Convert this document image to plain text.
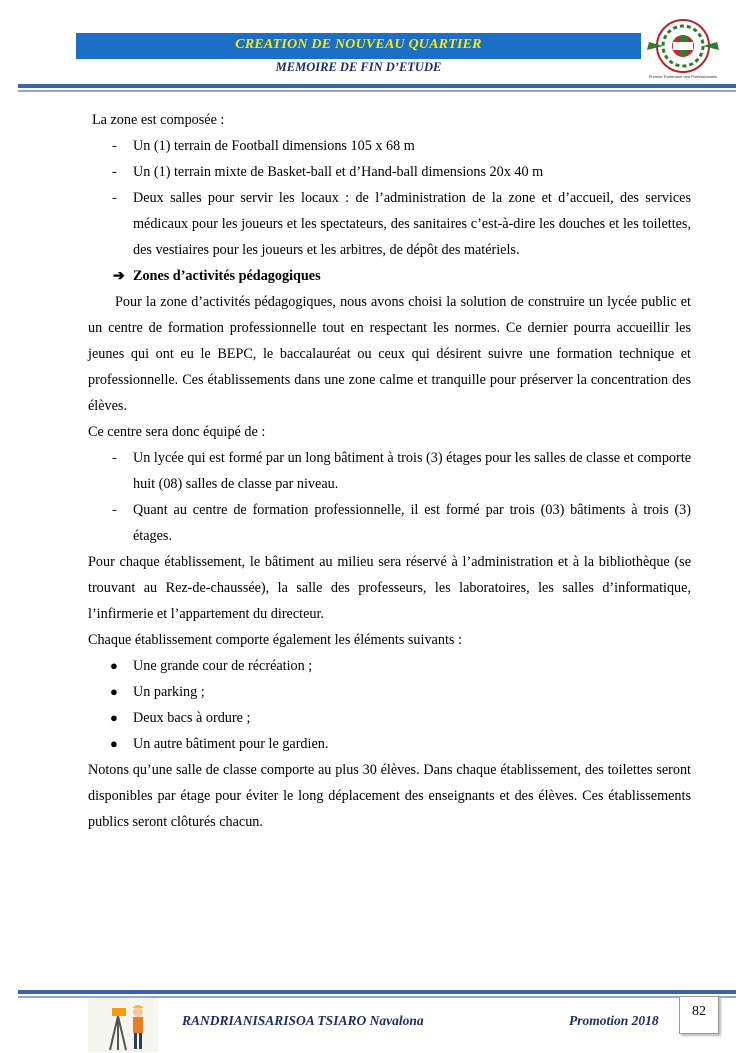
CREATION DE NOUVEAU QUARTIER
MEMOIRE DE FIN D’ETUDE
Premier Partenaire des Professionnels

La zone est composée :

- Un (1) terrain de Football dimensions 105 x 68 m
- Un (1) terrain mixte de Basket-ball et d’Hand-ball dimensions 20x 40 m
- Deux salles pour servir les locaux : de l’administration de la zone et d’accueil, des services médicaux pour les joueurs et les spectateurs, des sanitaires c’est-à-dire les douches et les toilettes, des vestiaires pour les joueurs et les arbitres, de dépôt des matériels.

➔ Zones d’activités pédagogiques

Pour la zone d’activités pédagogiques, nous avons choisi la solution de construire un lycée public et un centre de formation professionnelle tout en respectant les normes. Ce dernier pourra accueillir les jeunes qui ont eu le BEPC, le baccalauréat ou ceux qui désirent suivre une formation technique et professionnelle. Ces établissements dans une zone calme et tranquille pour préserver la concentration des élèves.

Ce centre sera donc équipé de :

- Un lycée qui est formé par un long bâtiment à trois (3) étages pour les salles de classe et comporte huit (08) salles de classe par niveau.
- Quant au centre de formation professionnelle, il est formé par trois (03) bâtiments à trois (3) étages.

Pour chaque établissement, le bâtiment au milieu sera réservé à l’administration et à la bibliothèque (se trouvant au Rez-de-chaussée), la salle des professeurs, les laboratoires, les salles d’informatique, l’infirmerie et l’appartement du directeur.

Chaque établissement comporte également les éléments suivants :

● Une grande cour de récréation ;
● Un parking ;
● Deux bacs à ordure ;
● Un autre bâtiment pour le gardien.

Notons qu’une salle de classe comporte au plus 30 élèves. Dans chaque établissement, des toilettes seront disponibles par étage pour éviter le long déplacement des enseignants et des élèves. Ces établissements publics seront clôturés chacun.

RANDRIANISARISOA TSIARO Navalona	Promotion 2018
82
